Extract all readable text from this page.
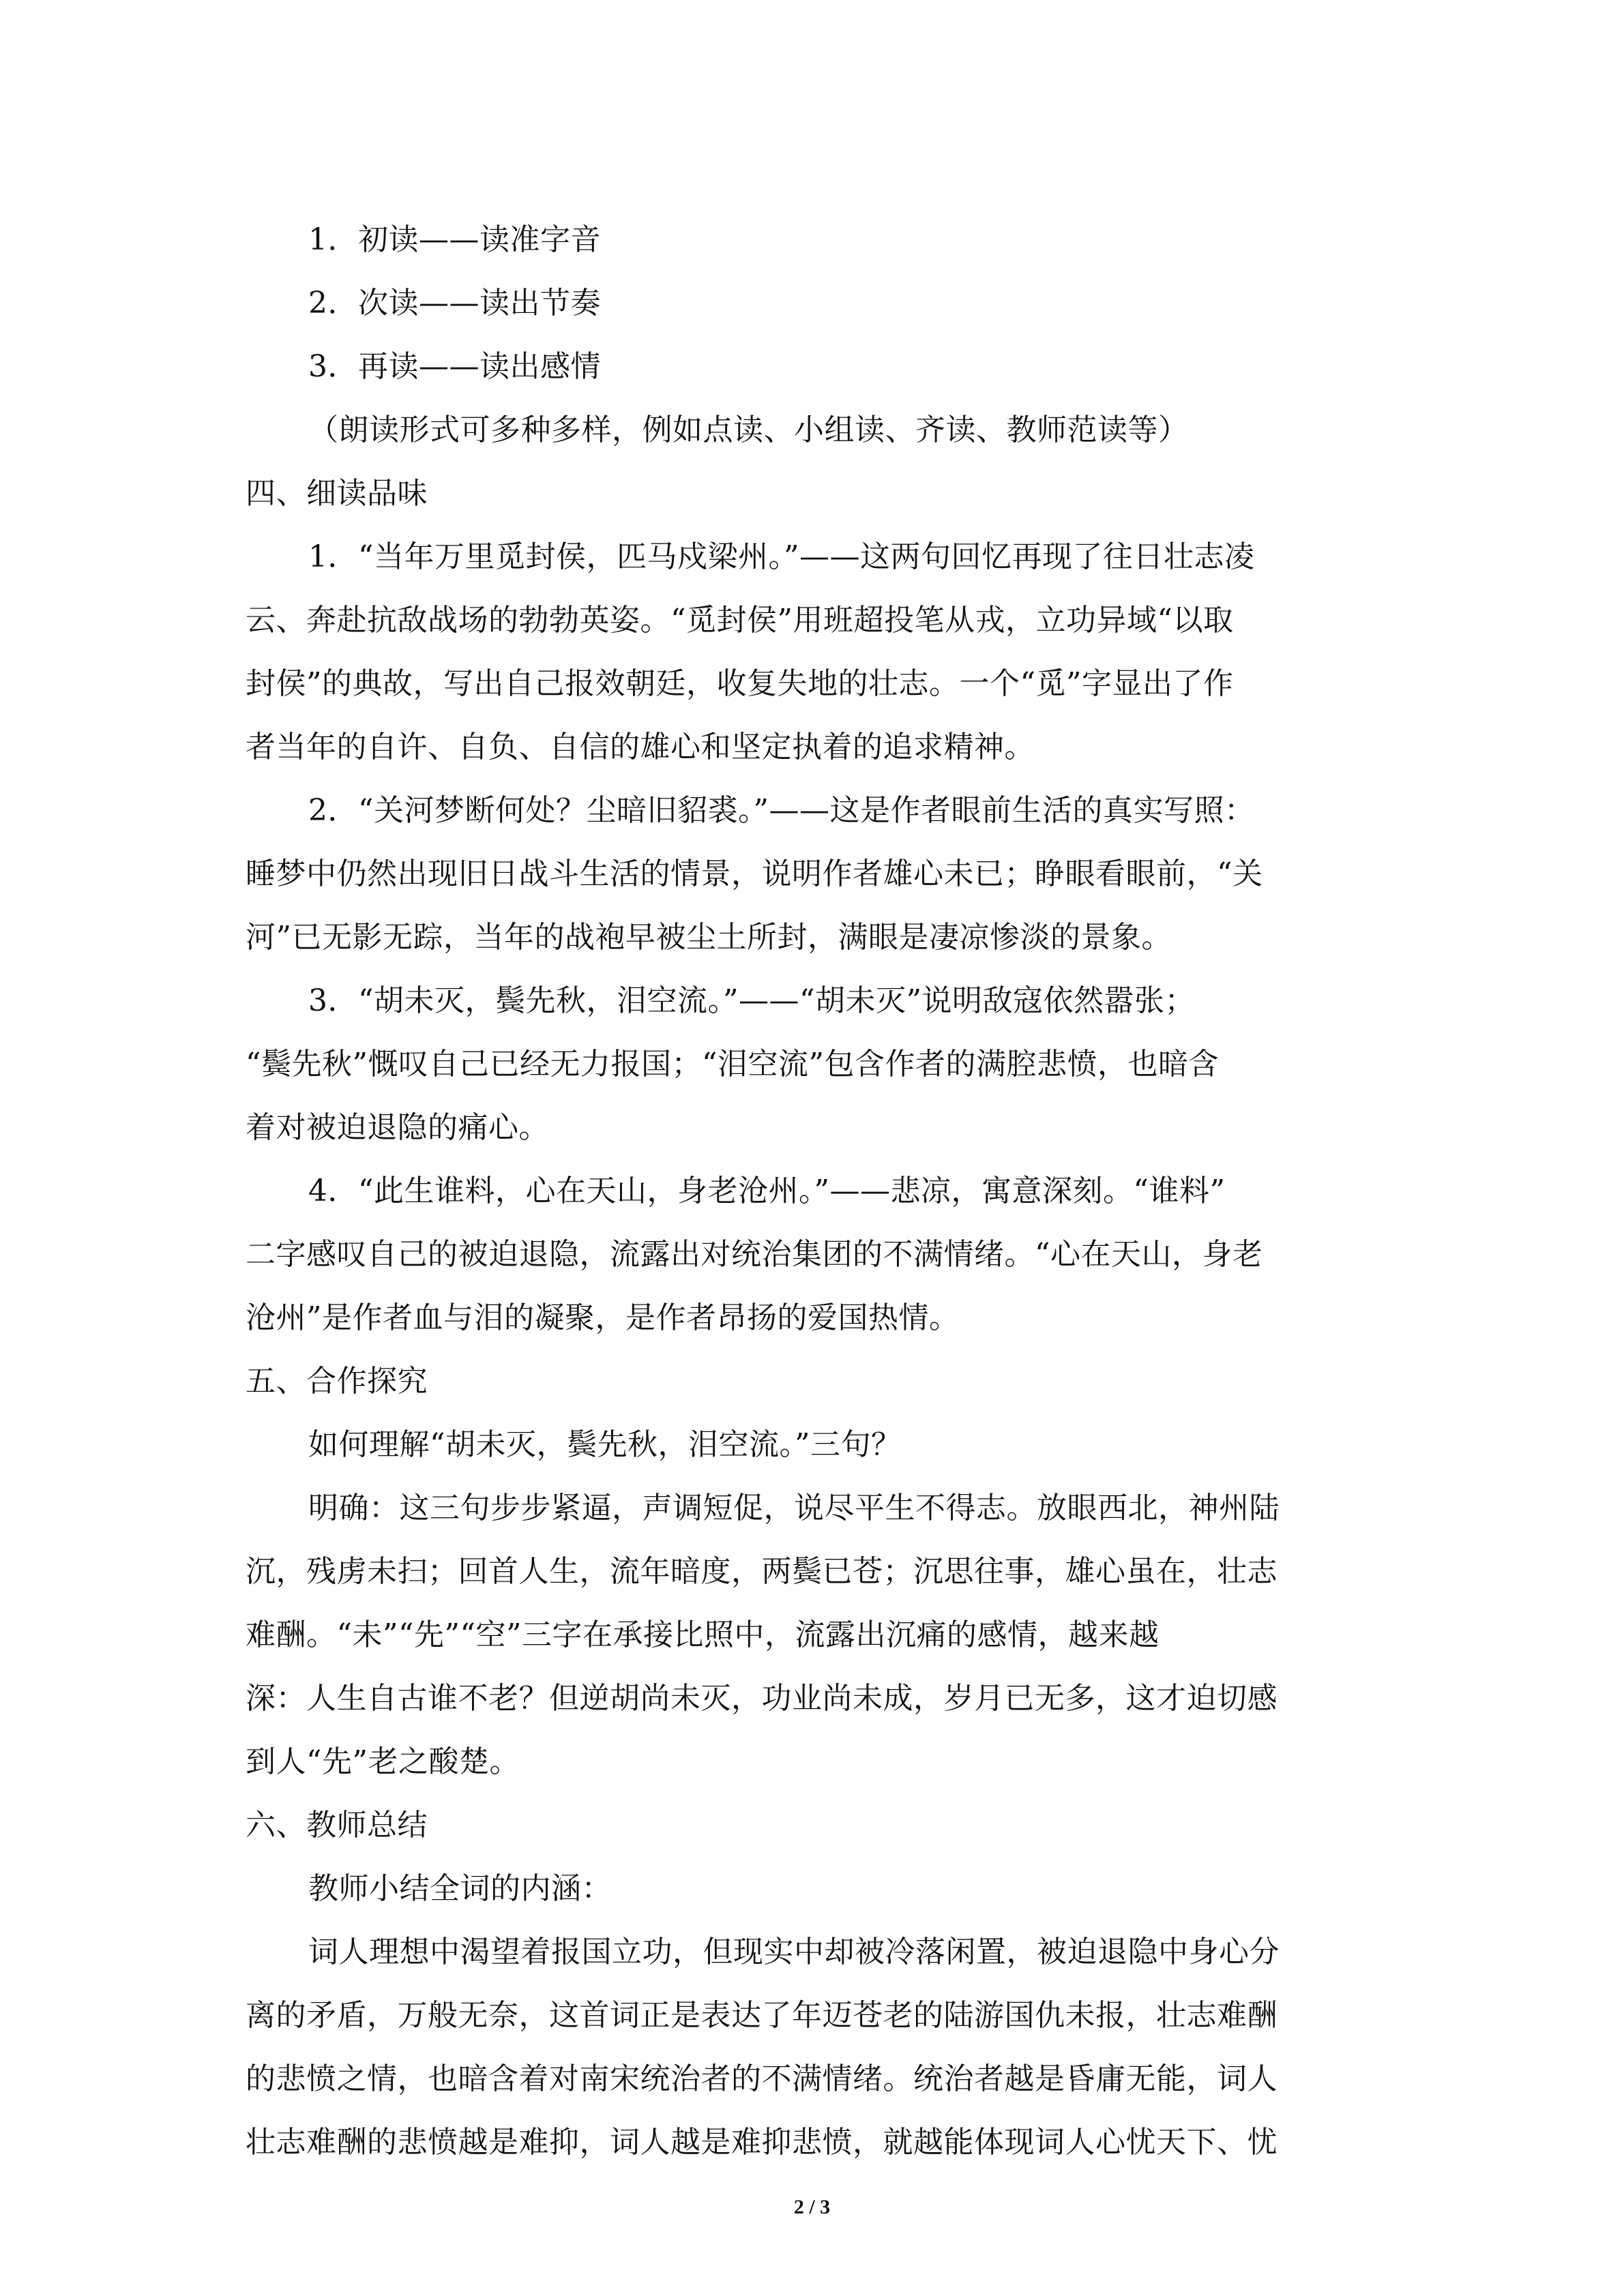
1．初读——读准字音
2．次读——读出节奏
3．再读——读出感情
（朗读形式可多种多样，例如点读、小组读、齐读、教师范读等）
四、细读品味
1．“当年万里觅封侯，匹马戍梁州。”——这两句回忆再现了往日壮志凌
云、奔赴抗敌战场的勃勃英姿。“觅封侯”用班超投笔从戎，立功异域“以取
封侯”的典故，写出自己报效朝廷，收复失地的壮志。一个“觅”字显出了作
者当年的自许、自负、自信的雄心和坚定执着的追求精神。
2．“关河梦断何处？尘暗旧貂裘。”——这是作者眼前生活的真实写照：
睡梦中仍然出现旧日战斗生活的情景，说明作者雄心未已；睁眼看眼前，“关
河”已无影无踪，当年的战袍早被尘土所封，满眼是凄凉惨淡的景象。
3．“胡未灭，鬓先秋，泪空流。”——“胡未灭”说明敌寇依然嚣张；
“鬓先秋”慨叹自己已经无力报国；“泪空流”包含作者的满腔悲愤，也暗含
着对被迫退隐的痛心。
4．“此生谁料，心在天山，身老沧州。”——悲凉，寓意深刻。“谁料”
二字感叹自己的被迫退隐，流露出对统治集团的不满情绪。“心在天山，身老
沧州”是作者血与泪的凝聚，是作者昂扬的爱国热情。
五、合作探究
如何理解“胡未灭，鬓先秋，泪空流。”三句？
明确：这三句步步紧逼，声调短促，说尽平生不得志。放眼西北，神州陆
沉，残虏未扫；回首人生，流年暗度，两鬓已苍；沉思往事，雄心虽在，壮志
难酬。“未”“先”“空”三字在承接比照中，流露出沉痛的感情，越来越
深：人生自古谁不老？但逆胡尚未灭，功业尚未成，岁月已无多，这才迫切感
到人“先”老之酸楚。
六、教师总结
教师小结全词的内涵：
词人理想中渴望着报国立功，但现实中却被冷落闲置，被迫退隐中身心分
离的矛盾，万般无奈，这首词正是表达了年迈苍老的陆游国仇未报，壮志难酬
的悲愤之情，也暗含着对南宋统治者的不满情绪。统治者越是昏庸无能，词人
壮志难酬的悲愤越是难抑，词人越是难抑悲愤，就越能体现词人心忧天下、忧
2 / 3
